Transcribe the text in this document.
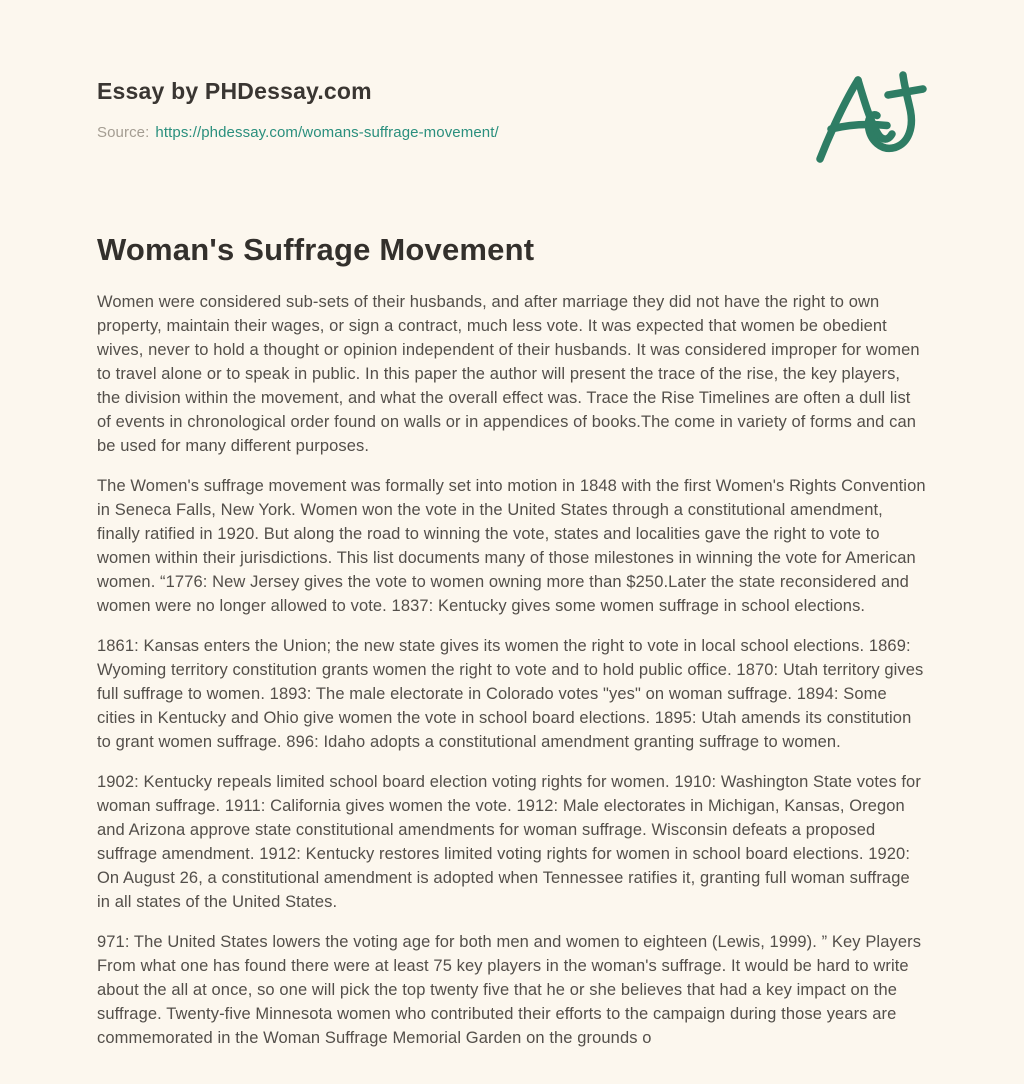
Essay by PHDessay.com
Source: https://phdessay.com/womans-suffrage-movement/
Woman's Suffrage Movement

Women were considered sub-sets of their husbands, and after marriage they did not have the right to own property, maintain their wages, or sign a contract, much less vote. It was expected that women be obedient wives, never to hold a thought or opinion independent of their husbands. It was considered improper for women to travel alone or to speak in public. In this paper the author will present the trace of the rise, the key players, the division within the movement, and what the overall effect was. Trace the Rise Timelines are often a dull list of events in chronological order found on walls or in appendices of books.The come in variety of forms and can be used for many different purposes.

The Women's suffrage movement was formally set into motion in 1848 with the first Women's Rights Convention in Seneca Falls, New York. Women won the vote in the United States through a constitutional amendment, finally ratified in 1920. But along the road to winning the vote, states and localities gave the right to vote to women within their jurisdictions. This list documents many of those milestones in winning the vote for American women. “1776: New Jersey gives the vote to women owning more than $250.Later the state reconsidered and women were no longer allowed to vote. 1837: Kentucky gives some women suffrage in school elections.

1861: Kansas enters the Union; the new state gives its women the right to vote in local school elections. 1869: Wyoming territory constitution grants women the right to vote and to hold public office. 1870: Utah territory gives full suffrage to women. 1893: The male electorate in Colorado votes "yes" on woman suffrage. 1894: Some cities in Kentucky and Ohio give women the vote in school board elections. 1895: Utah amends its constitution to grant women suffrage. 896: Idaho adopts a constitutional amendment granting suffrage to women.

1902: Kentucky repeals limited school board election voting rights for women. 1910: Washington State votes for woman suffrage. 1911: California gives women the vote. 1912: Male electorates in Michigan, Kansas, Oregon and Arizona approve state constitutional amendments for woman suffrage. Wisconsin defeats a proposed suffrage amendment. 1912: Kentucky restores limited voting rights for women in school board elections. 1920: On August 26, a constitutional amendment is adopted when Tennessee ratifies it, granting full woman suffrage in all states of the United States.

971: The United States lowers the voting age for both men and women to eighteen (Lewis, 1999). ” Key Players From what one has found there were at least 75 key players in the woman's suffrage. It would be hard to write about the all at once, so one will pick the top twenty five that he or she believes that had a key impact on the suffrage. Twenty-five Minnesota women who contributed their efforts to the campaign during those years are commemorated in the Woman Suffrage Memorial Garden on the grounds o
